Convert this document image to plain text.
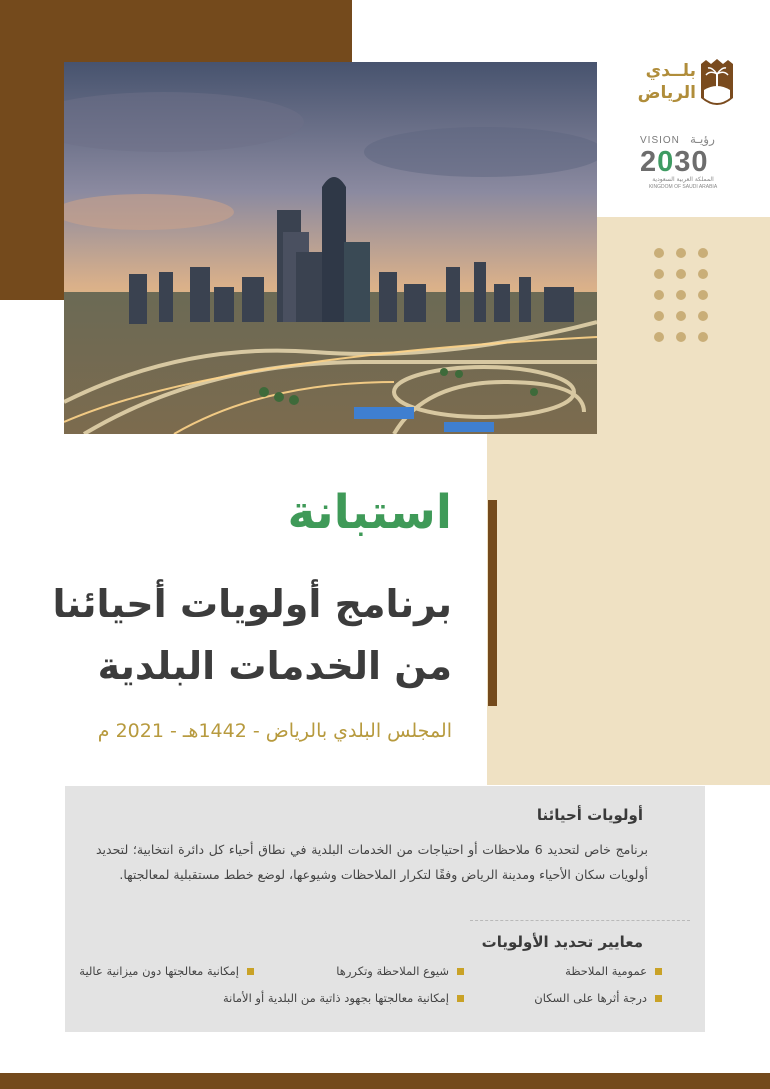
بلــدي
الرياض
VISION رؤيـة
2030
المملكة العربية السعودية
KINGDOM OF SAUDI ARABIA
استبانة
برنامج أولويات أحيائنا
من الخدمات البلدية
المجلس البلدي بالرياض - 1442هـ - 2021 م
أولويات أحيائنا
برنامج خاص لتحديد 6 ملاحظات أو احتياجات من الخدمات البلدية في نطاق أحياء كل دائرة انتخابية؛ لتحديد أولويات سكان الأحياء ومدينة الرياض وفقًا لتكرار الملاحظات وشيوعها، لوضع خطط مستقبلية لمعالجتها.
معايير تحديد الأولويات
عمومية الملاحظة
شيوع الملاحظة وتكررها
إمكانية معالجتها دون ميزانية عالية
درجة أثرها على السكان
إمكانية معالجتها بجهود ذاتية من البلدية أو الأمانة
